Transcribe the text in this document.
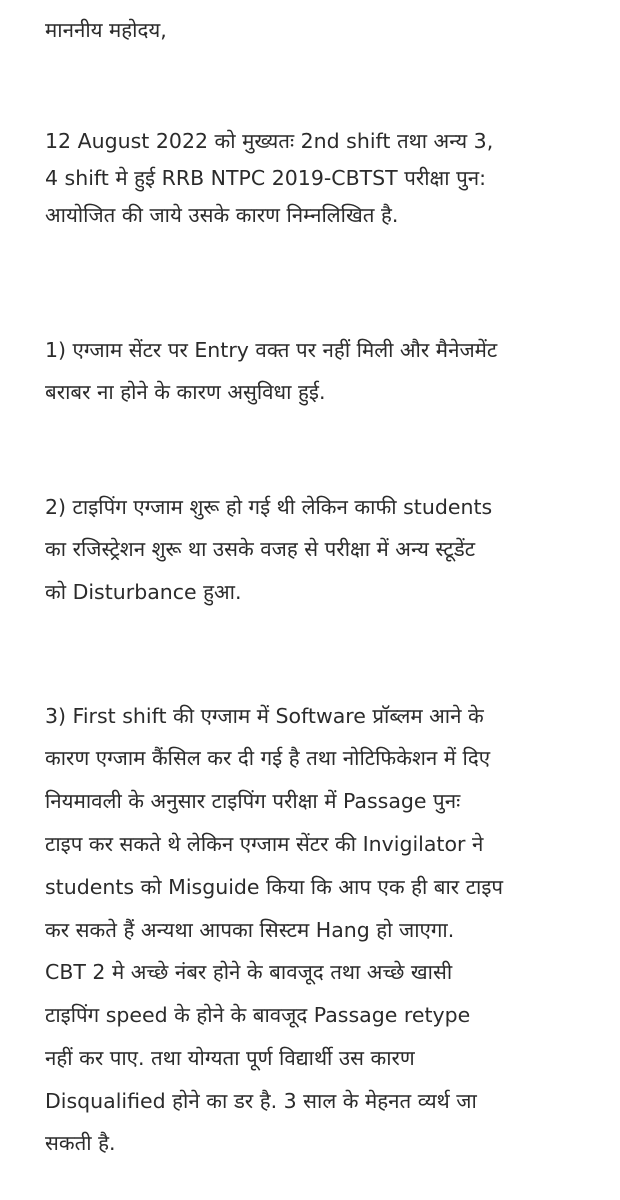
माननीय महोदय,
12 August 2022 को मुख्यतः 2nd shift तथा अन्य 3,
4 shift मे हुई RRB NTPC 2019-CBTST परीक्षा पुन:
आयोजित की जाये उसके कारण निम्नलिखित है.
1) एग्जाम सेंटर पर Entry वक्त पर नहीं मिली और मैनेजमेंट
बराबर ना होने के कारण असुविधा हुई.
2) टाइपिंग एग्जाम शुरू हो गई थी लेकिन काफी students
का रजिस्ट्रेशन शुरू था उसके वजह से परीक्षा में अन्य स्टूडेंट
को Disturbance हुआ.
3) First shift की एग्जाम में Software प्रॉब्लम आने के
कारण एग्जाम कैंसिल कर दी गई है तथा नोटिफिकेशन में दिए
नियमावली के अनुसार टाइपिंग परीक्षा में Passage पुनः
टाइप कर सकते थे लेकिन एग्जाम सेंटर की Invigilator ने
students को Misguide किया कि आप एक ही बार टाइप
कर सकते हैं अन्यथा आपका सिस्टम Hang हो जाएगा.
CBT 2 मे अच्छे नंबर होने के बावजूद तथा अच्छे खासी
टाइपिंग speed के होने के बावजूद Passage retype
नहीं कर पाए. तथा योग्यता पूर्ण विद्यार्थी उस कारण
Disqualified होने का डर है. 3 साल के मेहनत व्यर्थ जा
सकती है.
